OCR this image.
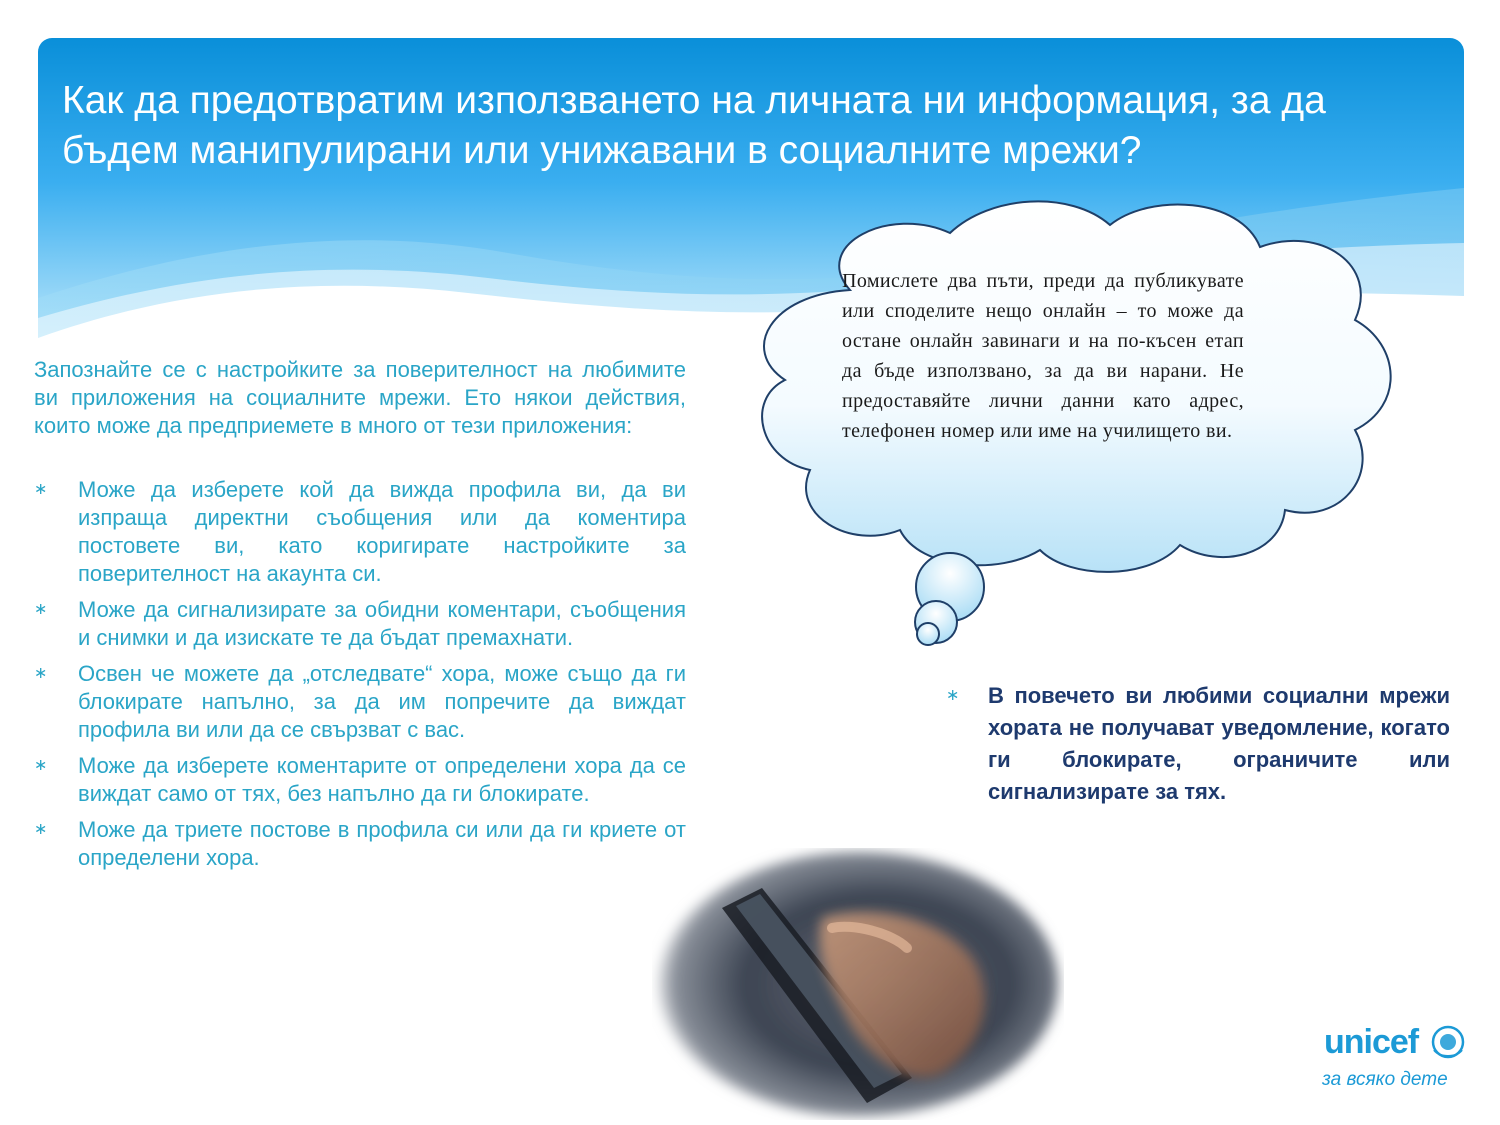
Как да предотвратим използването на личната ни информация, за да бъдем манипулирани или унижавани в социалните мрежи?

Запознайте се с настройките за поверителност на любимите ви приложения на социалните мрежи. Ето някои действия, които може да предприемете в много от тези приложения:

∗ Може да изберете кой да вижда профила ви, да ви изпраща директни съобщения или да коментира постовете ви, като коригирате настройките за поверителност на акаунта си.
∗ Може да сигнализирате за обидни коментари, съобщения и снимки и да изискате те да бъдат премахнати.
∗ Освен че можете да „отследвате“ хора, може също да ги блокирате напълно, за да им попречите да виждат профила ви или да се свързват с вас.
∗ Може да изберете коментарите от определени хора да се виждат само от тях, без напълно да ги блокирате.
∗ Може да триете постове в профила си или да ги криете от определени хора.

Помислете два пъти, преди да публикувате или споделите нещо онлайн – то може да остане онлайн завинаги и на по-късен етап да бъде използвано, за да ви нарани. Не предоставяйте лични данни като адрес, телефонен номер или име на училището ви.

∗ В повечето ви любими социални мрежи хората не получават уведомление, когато ги блокирате, ограничите или сигнализирате за тях.
unicef
за всяко дете
